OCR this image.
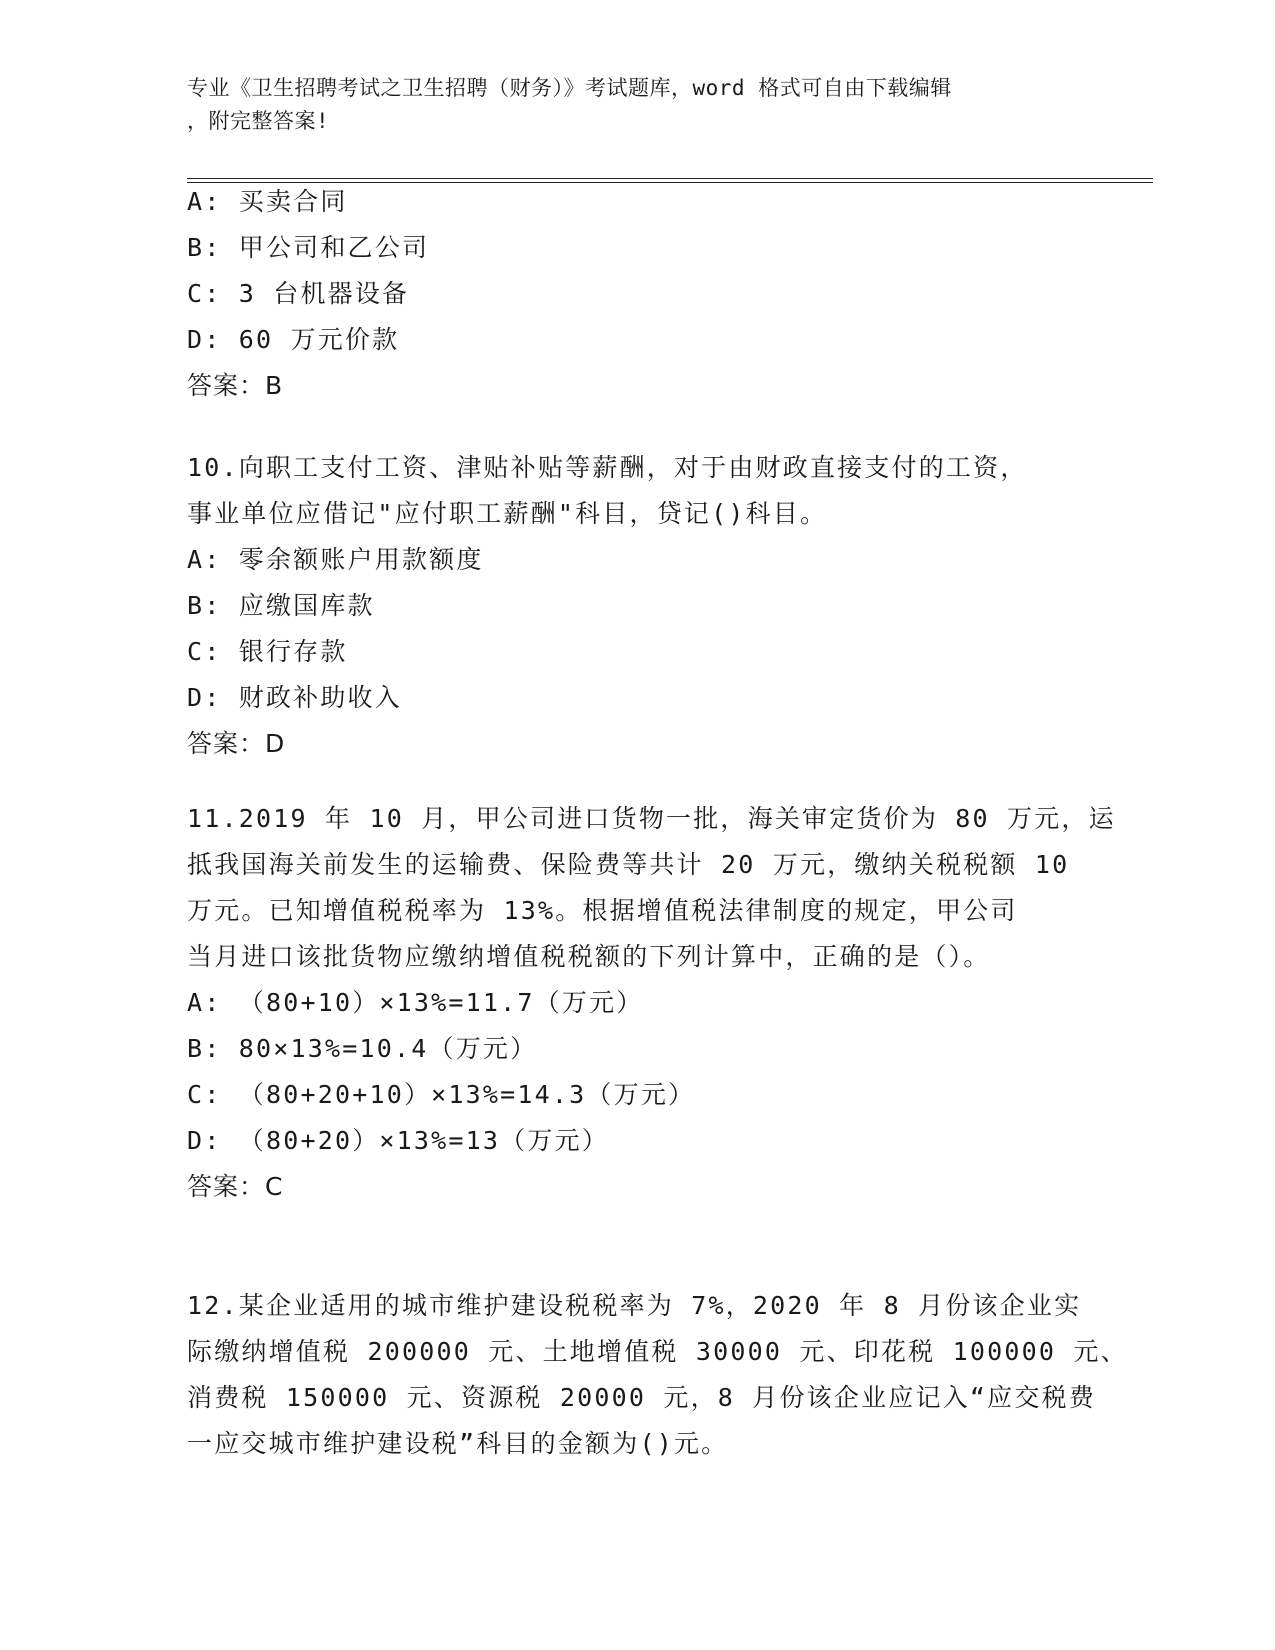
专业《卫生招聘考试之卫生招聘（财务）》考试题库，word 格式可自由下载编辑
，附完整答案!
A: 买卖合同
B: 甲公司和乙公司
C: 3 台机器设备
D: 60 万元价款
答案：B
10.向职工支付工资、津贴补贴等薪酬，对于由财政直接支付的工资，
事业单位应借记"应付职工薪酬"科目，贷记()科目。
A: 零余额账户用款额度
B: 应缴国库款
C: 银行存款
D: 财政补助收入
答案：D
11.2019 年 10 月，甲公司进口货物一批，海关审定货价为 80 万元，运
抵我国海关前发生的运输费、保险费等共计 20 万元，缴纳关税税额 10
万元。已知增值税税率为 13%。根据增值税法律制度的规定，甲公司
当月进口该批货物应缴纳增值税税额的下列计算中，正确的是（）。
A: （80+10）×13%=11.7（万元）
B: 80×13%=10.4（万元）
C: （80+20+10）×13%=14.3（万元）
D: （80+20）×13%=13（万元）
答案：C
12.某企业适用的城市维护建设税税率为 7%，2020 年 8 月份该企业实
际缴纳增值税 200000 元、土地增值税 30000 元、印花税 100000 元、
消费税 150000 元、资源税 20000 元，8 月份该企业应记入“应交税费
一应交城市维护建设税”科目的金额为()元。
